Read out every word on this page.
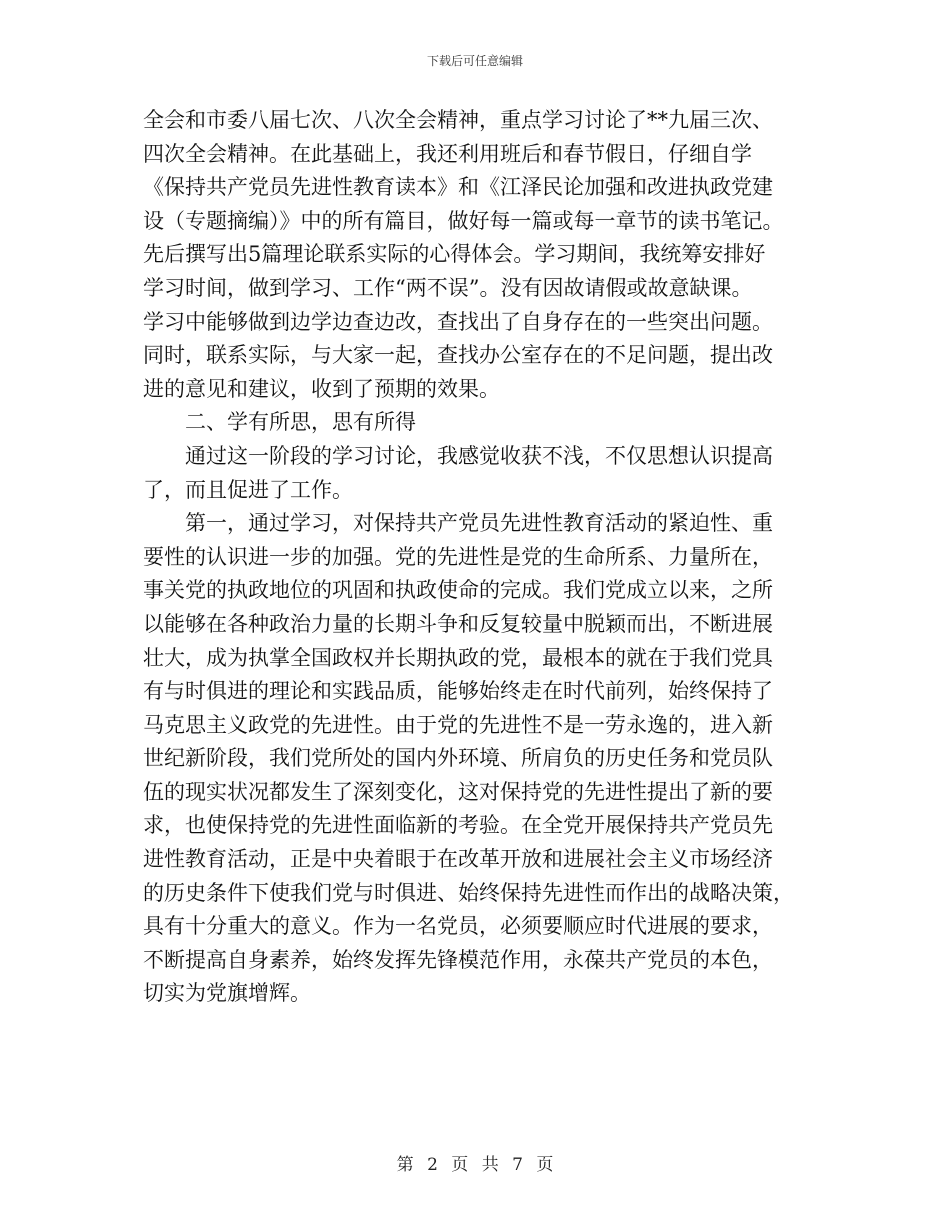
下载后可任意编辑
全会和市委八届七次、八次全会精神，重点学习讨论了**九届三次、
四次全会精神。在此基础上，我还利用班后和春节假日，仔细自学
《保持共产党员先进性教育读本》和《江泽民论加强和改进执政党建
设（专题摘编）》中的所有篇目，做好每一篇或每一章节的读书笔记。
先后撰写出5篇理论联系实际的心得体会。学习期间，我统筹安排好
学习时间，做到学习、工作“两不误”。没有因故请假或故意缺课。
学习中能够做到边学边查边改，查找出了自身存在的一些突出问题。
同时，联系实际，与大家一起，查找办公室存在的不足问题，提出改
进的意见和建议，收到了预期的效果。
二、学有所思，思有所得
通过这一阶段的学习讨论，我感觉收获不浅，不仅思想认识提高
了，而且促进了工作。
第一，通过学习，对保持共产党员先进性教育活动的紧迫性、重
要性的认识进一步的加强。党的先进性是党的生命所系、力量所在，
事关党的执政地位的巩固和执政使命的完成。我们党成立以来，之所
以能够在各种政治力量的长期斗争和反复较量中脱颖而出，不断进展
壮大，成为执掌全国政权并长期执政的党，最根本的就在于我们党具
有与时俱进的理论和实践品质，能够始终走在时代前列，始终保持了
马克思主义政党的先进性。由于党的先进性不是一劳永逸的，进入新
世纪新阶段，我们党所处的国内外环境、所肩负的历史任务和党员队
伍的现实状况都发生了深刻变化，这对保持党的先进性提出了新的要
求，也使保持党的先进性面临新的考验。在全党开展保持共产党员先
进性教育活动，正是中央着眼于在改革开放和进展社会主义市场经济
的历史条件下使我们党与时俱进、始终保持先进性而作出的战略决策，
具有十分重大的意义。作为一名党员，必须要顺应时代进展的要求，
不断提高自身素养，始终发挥先锋模范作用，永葆共产党员的本色，
切实为党旗增辉。
第 2 页 共 7 页
